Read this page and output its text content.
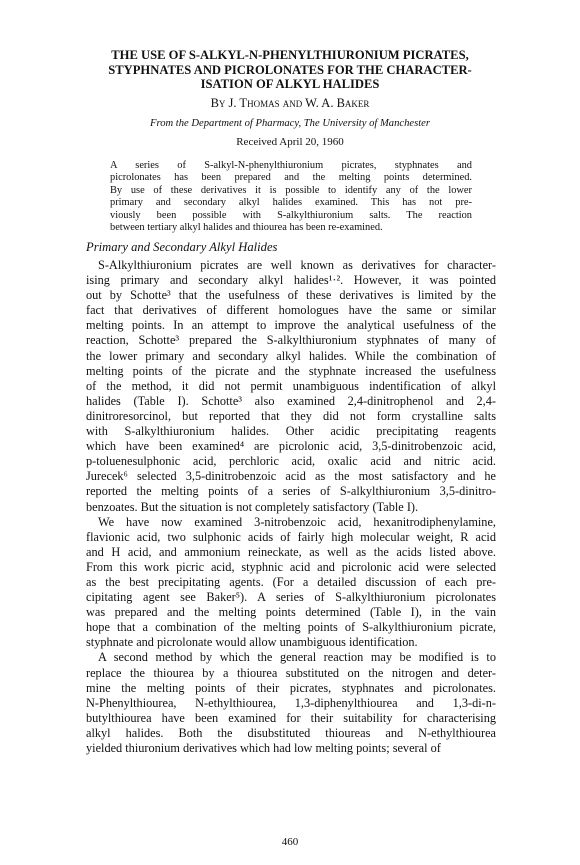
THE USE OF S-ALKYL-N-PHENYLTHIURONIUM PICRATES,
STYPHNATES AND PICROLONATES FOR THE CHARACTER-
ISATION OF ALKYL HALIDES
By J. Thomas and W. A. Baker
From the Department of Pharmacy, The University of Manchester
Received April 20, 1960
A series of S-alkyl-N-phenylthiuronium picrates, styphnates and
picrolonates has been prepared and the melting points determined.
By use of these derivatives it is possible to identify any of the lower
primary and secondary alkyl halides examined. This has not pre-
viously been possible with S-alkylthiuronium salts. The reaction
between tertiary alkyl halides and thiourea has been re-examined.
Primary and Secondary Alkyl Halides
S-Alkylthiuronium picrates are well known as derivatives for character-
ising primary and secondary alkyl halides¹·². However, it was pointed
out by Schotte³ that the usefulness of these derivatives is limited by the
fact that derivatives of different homologues have the same or similar
melting points. In an attempt to improve the analytical usefulness of the
reaction, Schotte³ prepared the S-alkylthiuronium styphnates of many of
the lower primary and secondary alkyl halides. While the combination of
melting points of the picrate and the styphnate increased the usefulness
of the method, it did not permit unambiguous indentification of alkyl
halides (Table I). Schotte³ also examined 2,4-dinitrophenol and 2,4-
dinitroresorcinol, but reported that they did not form crystalline salts
with S-alkylthiuronium halides. Other acidic precipitating reagents
which have been examined⁴ are picrolonic acid, 3,5-dinitrobenzoic acid,
p-toluenesulphonic acid, perchloric acid, oxalic acid and nitric acid.
Jurecek⁶ selected 3,5-dinitrobenzoic acid as the most satisfactory and he
reported the melting points of a series of S-alkylthiuronium 3,5-dinitro-
benzoates. But the situation is not completely satisfactory (Table I).
We have now examined 3-nitrobenzoic acid, hexanitrodiphenylamine,
flavionic acid, two sulphonic acids of fairly high molecular weight, R acid
and H acid, and ammonium reineckate, as well as the acids listed above.
From this work picric acid, styphnic acid and picrolonic acid were selected
as the best precipitating agents. (For a detailed discussion of each pre-
cipitating agent see Baker⁵). A series of S-alkylthiuronium picrolonates
was prepared and the melting points determined (Table I), in the vain
hope that a combination of the melting points of S-alkylthiuronium picrate,
styphnate and picrolonate would allow unambiguous identification.
A second method by which the general reaction may be modified is to
replace the thiourea by a thiourea substituted on the nitrogen and deter-
mine the melting points of their picrates, styphnates and picrolonates.
N-Phenylthiourea, N-ethylthiourea, 1,3-diphenylthiourea and 1,3-di-n-
butylthiourea have been examined for their suitability for characterising
alkyl halides. Both the disubstituted thioureas and N-ethylthiourea
yielded thiuronium derivatives which had low melting points; several of
460
